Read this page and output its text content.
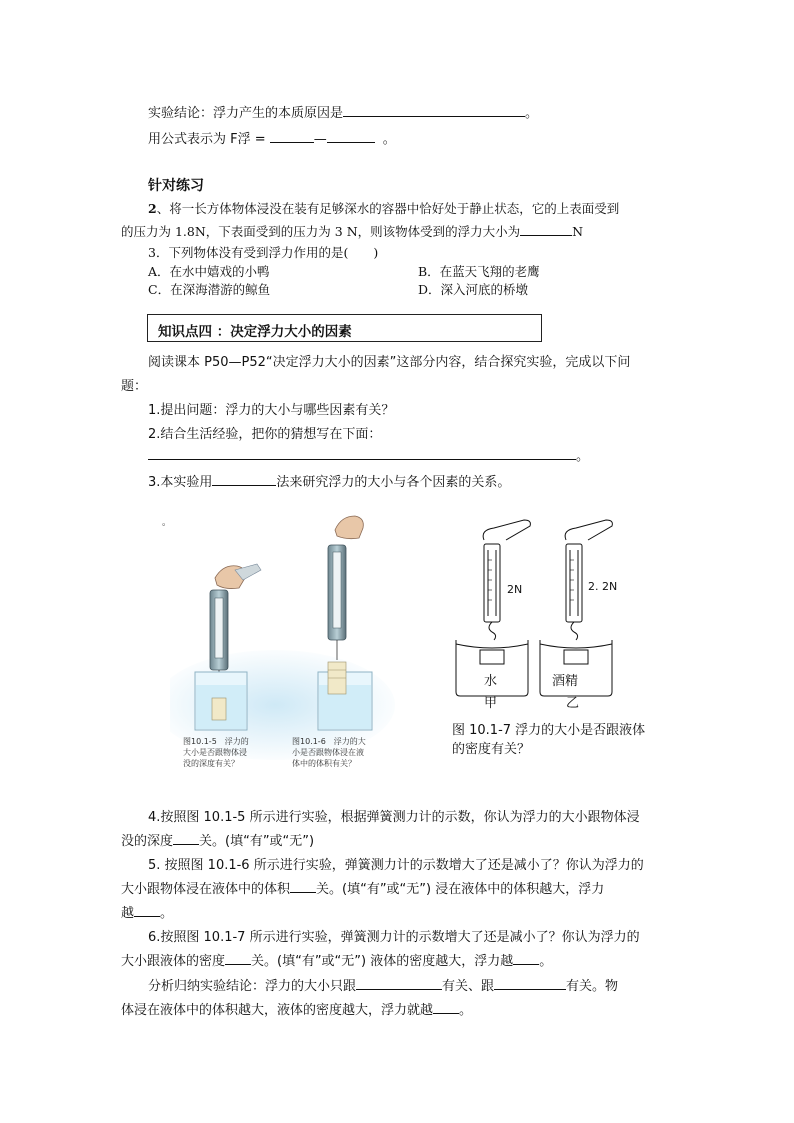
实验结论：浮力产生的本质原因是	。
用公式表示为 F浮 =	—	。
针对练习
2、将一长方体物体浸没在装有足够深水的容器中恰好处于静止状态，它的上表面受到
的压力为 1.8N，下表面受到的压力为 3 N，则该物体受到的浮力大小为	N
3．下列物体没有受到浮力作用的是(　　)
A．在水中嬉戏的小鸭	B．在蓝天飞翔的老鹰
C．在深海潜游的鲸鱼	D．深入河底的桥墩
知识点四 ：决定浮力大小的因素
阅读课本 P50—P52“决定浮力大小的因素”这部分内容，结合探究实验，完成以下问
题：
1.提出问题：浮力的大小与哪些因素有关？
2.结合生活经验，把你的猜想写在下面：
。
3.本实验用	法来研究浮力的大小与各个因素的关系。
。
图10.1-5　浮力的
大小是否跟物体浸
没的深度有关？
图10.1-6　浮力的大
小是否跟物体浸在液
体中的体积有关？
2N	2. 2N
水	酒精
甲	乙
图 10.1-7 浮力的大小是否跟液体
的密度有关？
4.按照图 10.1-5 所示进行实验，根据弹簧测力计的示数，你认为浮力的大小跟物体浸
没的深度 关。(填“有”或“无”)
5. 按照图 10.1-6 所示进行实验，弹簧测力计的示数增大了还是减小了？你认为浮力的
大小跟物体浸在液体中的体积 关。(填“有”或“无”) 浸在液体中的体积越大，浮力
越 。
6.按照图 10.1-7 所示进行实验，弹簧测力计的示数增大了还是减小了？你认为浮力的
大小跟液体的密度 关。(填“有”或“无”) 液体的密度越大，浮力越 。
分析归纳实验结论：浮力的大小只跟	有关、跟	有关。物
体浸在液体中的体积越大，液体的密度越大，浮力就越 。
